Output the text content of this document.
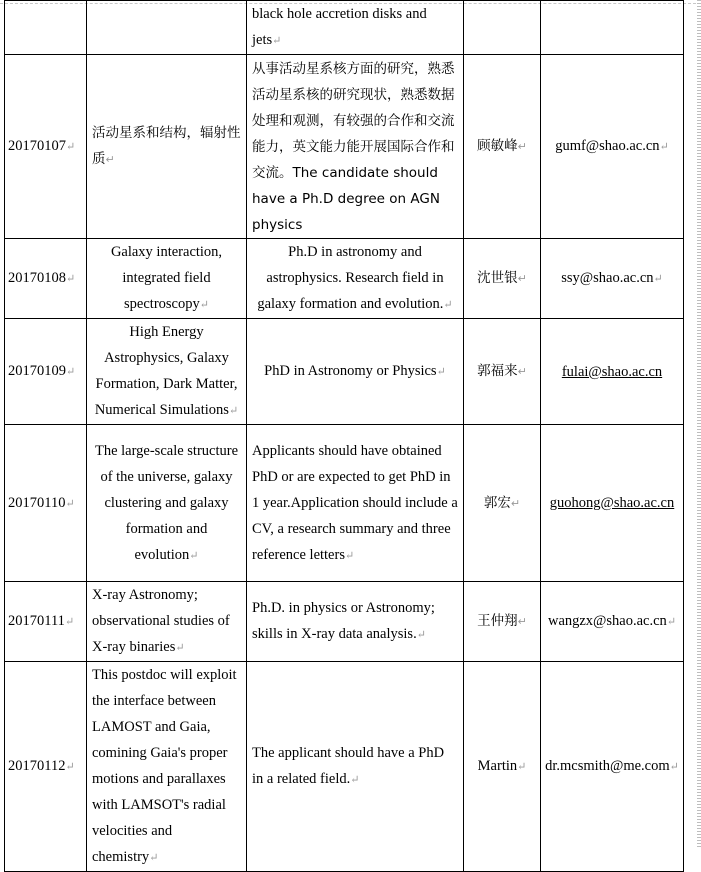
		black hole accretion disks and jets↵		
20170107↵	活动星系和结构，辐射性质↵	从事活动星系核方面的研究，熟悉活动星系核的研究现状，熟悉数据处理和观测，有较强的合作和交流能力，英文能力能开展国际合作和交流。The candidate should have a Ph.D degree on AGN physics	顾敏峰↵	gumf@shao.ac.cn↵
20170108↵	Galaxy interaction, integrated field spectroscopy↵	Ph.D in astronomy and astrophysics. Research field in galaxy formation and evolution.↵	沈世银↵	ssy@shao.ac.cn↵
20170109↵	High Energy Astrophysics, Galaxy Formation, Dark Matter, Numerical Simulations↵	PhD in Astronomy or Physics↵	郭福来↵	fulai@shao.ac.cn
20170110↵	The large-scale structure of the universe, galaxy clustering and galaxy formation and evolution↵	Applicants should have obtained PhD or are expected to get PhD in 1 year.Application should include a CV, a research summary and three reference letters↵	郭宏↵	guohong@shao.ac.cn
20170111↵	X-ray Astronomy; observational studies of X-ray binaries↵	Ph.D. in physics or Astronomy; skills in X-ray data analysis.↵	王仲翔↵	wangzx@shao.ac.cn↵
20170112↵	This postdoc will exploit the interface between LAMOST and Gaia, comining Gaia's proper motions and parallaxes with LAMSOT's radial velocities and chemistry↵	The applicant should have a PhD in a related field.↵	Martin↵	dr.mcsmith@me.com↵
